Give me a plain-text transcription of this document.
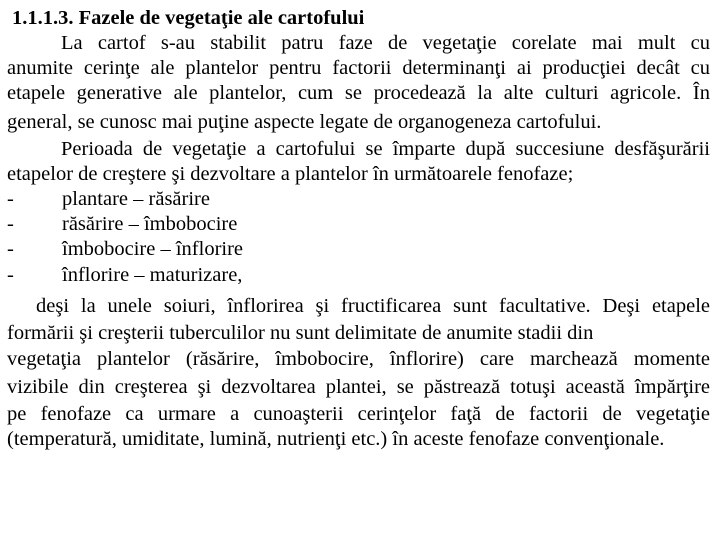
1.1.1.3. Fazele de vegetaţie ale cartofului
La cartof s-au stabilit patru faze de vegetaţie corelate mai mult cu
anumite cerinţe ale plantelor pentru factorii determinanţi ai producţiei decât cu
etapele generative ale plantelor, cum se procedează la alte culturi agricole. În
general, se cunosc mai puţine aspecte legate de organogeneza cartofului.
Perioada de vegetaţie a cartofului se împarte după succesiune desfăşurării
etapelor de creştere şi dezvoltare a plantelor în următoarele fenofaze;
- plantare – răsărire
- răsărire – îmbobocire
- îmbobocire – înflorire
- înflorire – maturizare,
deşi la unele soiuri, înflorirea şi fructificarea sunt facultative. Deşi etapele
formării şi creşterii tuberculilor nu sunt delimitate de anumite stadii din
vegetaţia plantelor (răsărire, îmbobocire, înflorire) care marchează momente
vizibile din creşterea şi dezvoltarea plantei, se păstrează totuşi această împărţire
pe fenofaze ca urmare a cunoaşterii cerinţelor faţă de factorii de vegetaţie
(temperatură, umiditate, lumină, nutrienţi etc.) în aceste fenofaze convenţionale.
